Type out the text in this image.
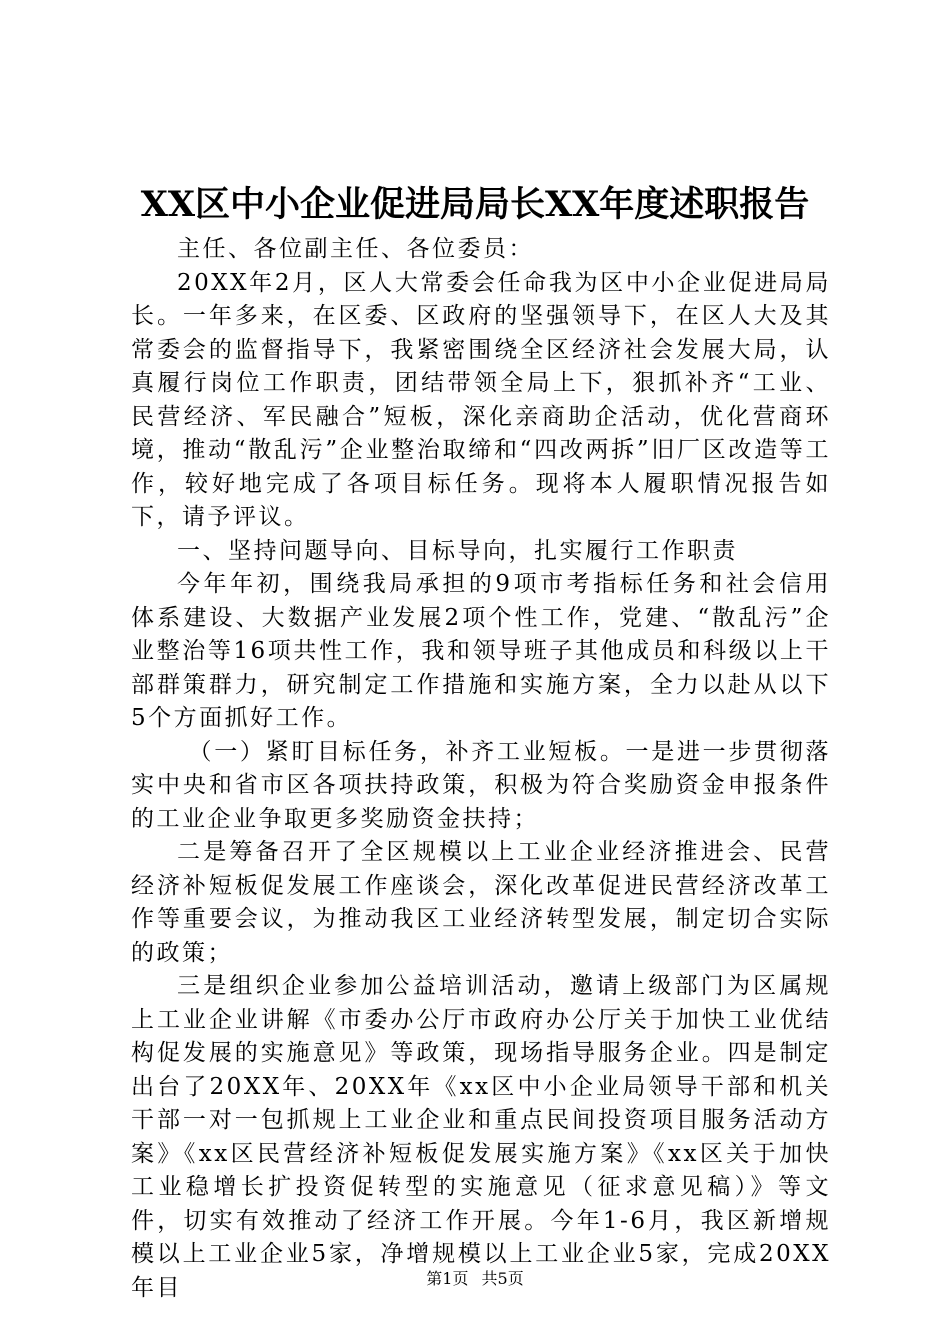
XX区中小企业促进局局长XX年度述职报告

主任、各位副主任、各位委员：

20XX年2月，区人大常委会任命我为区中小企业促进局局长。一年多来，在区委、区政府的坚强领导下，在区人大及其常委会的监督指导下，我紧密围绕全区经济社会发展大局，认真履行岗位工作职责，团结带领全局上下，狠抓补齐“工业、民营经济、军民融合”短板，深化亲商助企活动，优化营商环境，推动“散乱污”企业整治取缔和“四改两拆”旧厂区改造等工作，较好地完成了各项目标任务。现将本人履职情况报告如下，请予评议。

一、坚持问题导向、目标导向，扎实履行工作职责

今年年初，围绕我局承担的9项市考指标任务和社会信用体系建设、大数据产业发展2项个性工作，党建、“散乱污”企业整治等16项共性工作，我和领导班子其他成员和科级以上干部群策群力，研究制定工作措施和实施方案，全力以赴从以下5个方面抓好工作。

（一）紧盯目标任务，补齐工业短板。一是进一步贯彻落实中央和省市区各项扶持政策，积极为符合奖励资金申报条件的工业企业争取更多奖励资金扶持；

二是筹备召开了全区规模以上工业企业经济推进会、民营经济补短板促发展工作座谈会，深化改革促进民营经济改革工作等重要会议，为推动我区工业经济转型发展，制定切合实际的政策；

三是组织企业参加公益培训活动，邀请上级部门为区属规上工业企业讲解《市委办公厅市政府办公厅关于加快工业优结构促发展的实施意见》等政策，现场指导服务企业。四是制定出台了20XX年、20XX年《xx区中小企业局领导干部和机关干部一对一包抓规上工业企业和重点民间投资项目服务活动方案》《xx区民营经济补短板促发展实施方案》《xx区关于加快工业稳增长扩投资促转型的实施意见（征求意见稿）》等文件，切实有效推动了经济工作开展。今年1-6月，我区新增规模以上工业企业5家，净增规模以上工业企业5家，完成20XX年目	第1页 共5页
